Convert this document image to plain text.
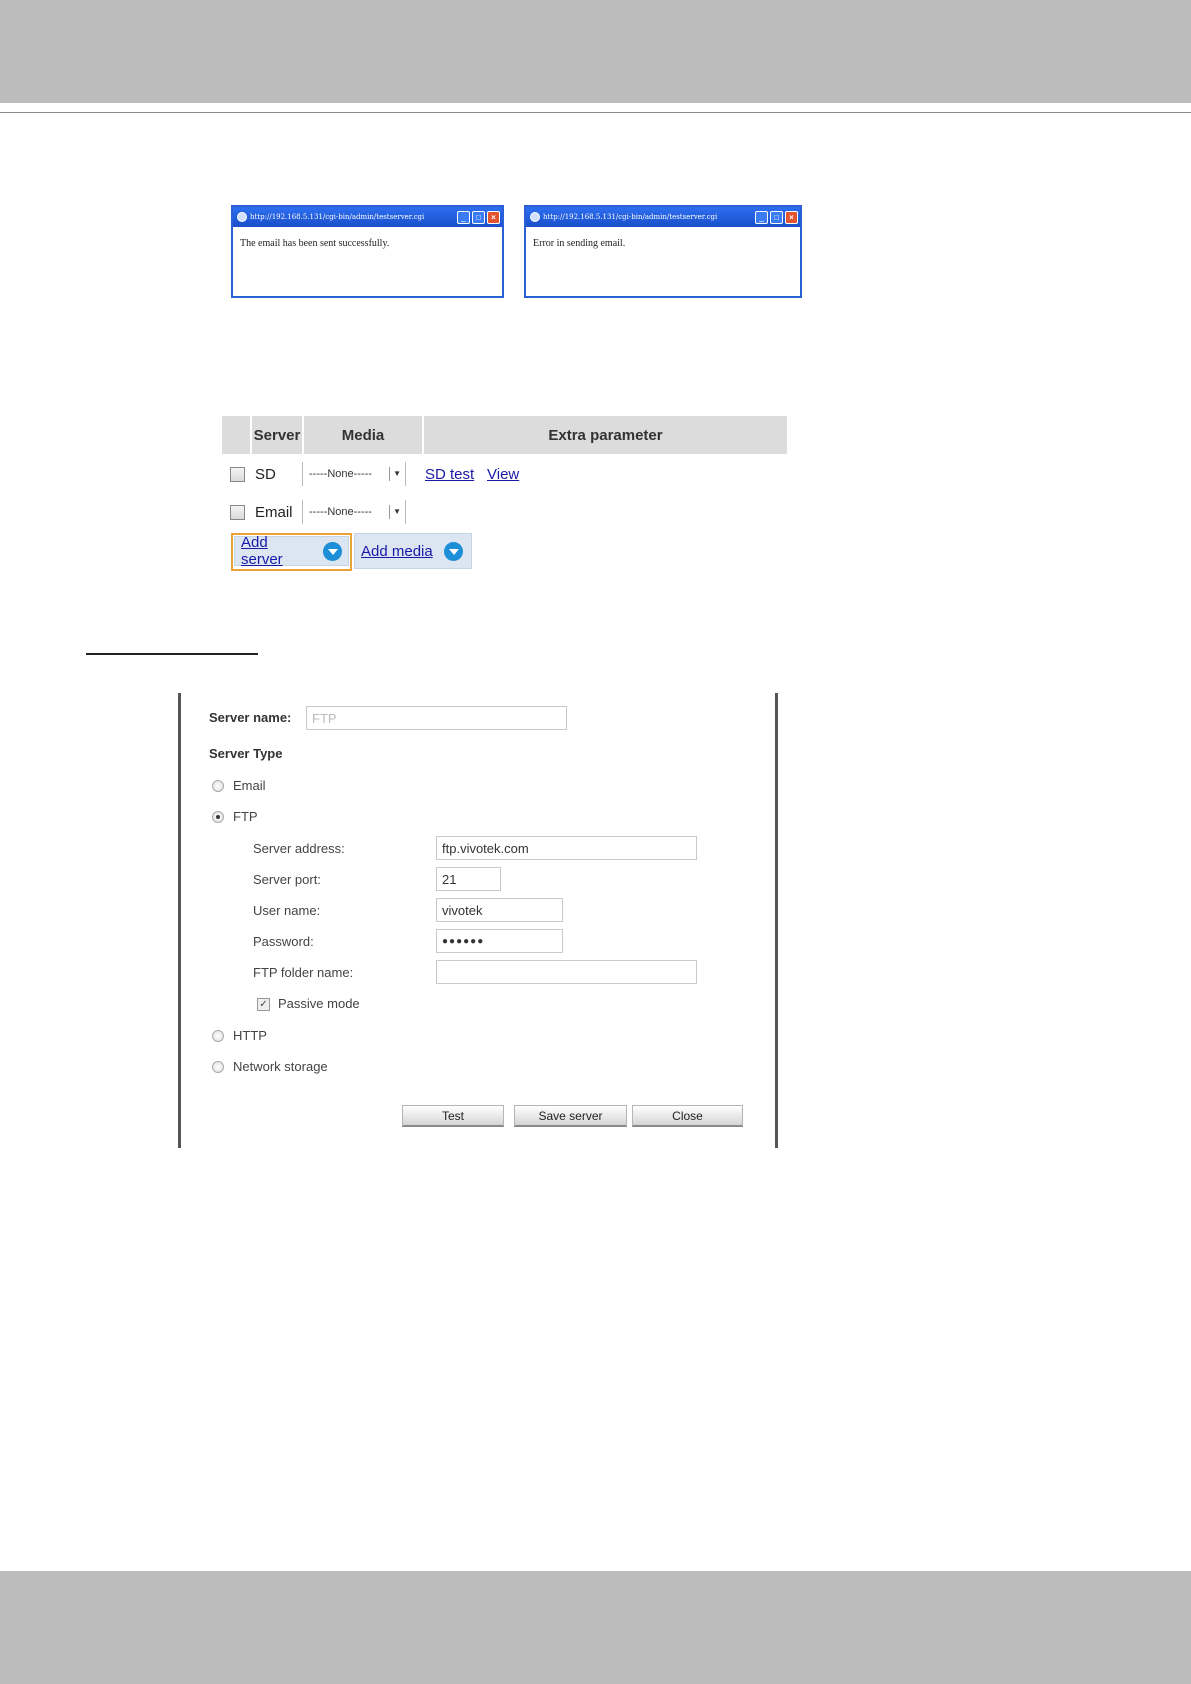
http://192.168.5.131/cgi-bin/admin/testserver.cgi	_	□	×
The email has been sent successfully.
http://192.168.5.131/cgi-bin/admin/testserver.cgi	_	□	×
Error in sending email.
Server	Media	Extra parameter
SD	-----None-----	▼ SD test View
Email -----None-----	▼
Add server	Add media
Server name:	FTP
Server Type
Email
FTP
Server address:	ftp.vivotek.com
Server port:	21
User name:	vivotek
Password:	●●●●●●
FTP folder name:
✓ Passive mode
HTTP
Network storage
Test	Save server	Close
